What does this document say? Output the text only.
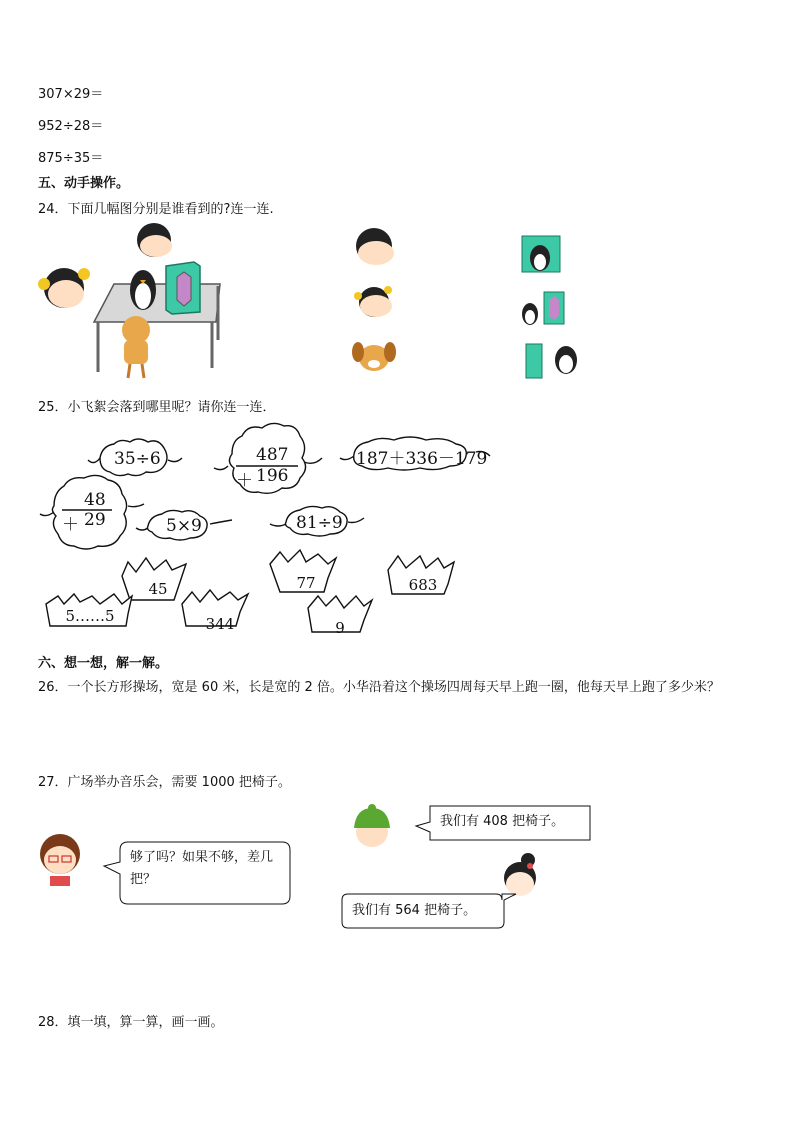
307×29＝
952÷28＝
875÷35＝
五、动手操作。
24．下面几幅图分别是谁看到的?连一连.
25．小飞絮会落到哪里呢？请你连一连．
35÷6	487
＋ 196
187＋336－179
48
＋ 29	5×9	81÷9
45	77	683
5……5	344	9
六、想一想，解一解。
26．一个长方形操场，宽是 60 米，长是宽的 2 倍。小华沿着这个操场四周每天早上跑一圈，他每天早上跑了多少米？
27．广场举办音乐会，需要 1000 把椅子。
够了吗？如果不够，差几把？
我们有 408 把椅子。
我们有 564 把椅子。
28．填一填，算一算，画一画。
